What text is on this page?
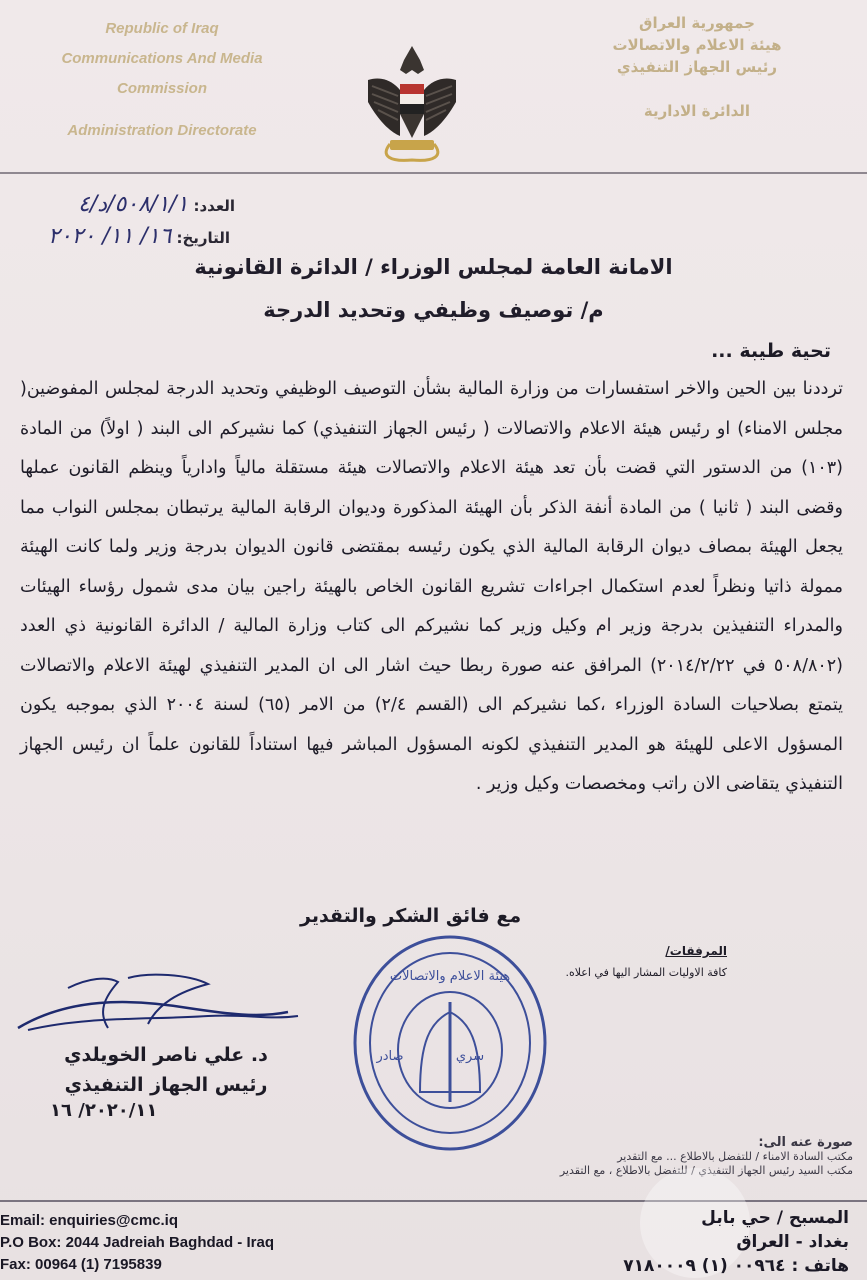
Republic of Iraq
Communications And Media
Commission
Administration Directorate
جمهورية العراق
هيئة الاعلام والاتصالات
رئيس الجهاز التنفيذي
الدائرة الادارية
العدد: ٥٠٨/١/١/د/٤
التاريخ: ١٦/ ١١/ ٢٠٢٠
الامانة العامة لمجلس الوزراء / الدائرة القانونية
م/ توصيف وظيفي وتحديد الدرجة
تحية طيبة ...

ترددنا بين الحين والاخر استفسارات من وزارة المالية بشأن التوصيف الوظيفي وتحديد الدرجة لمجلس المفوضين( مجلس الامناء) او رئيس هيئة الاعلام والاتصالات ( رئيس الجهاز التنفيذي) كما نشيركم الى البند ( اولاً) من المادة (١٠٣) من الدستور التي قضت بأن تعد هيئة الاعلام والاتصالات هيئة مستقلة مالياً وادارياً وينظم القانون عملها وقضى البند ( ثانيا ) من المادة أنفة الذكر بأن الهيئة المذكورة وديوان الرقابة المالية يرتبطان بمجلس النواب مما يجعل الهيئة بمصاف ديوان الرقابة المالية الذي يكون رئيسه بمقتضى قانون الديوان بدرجة وزير ولما كانت الهيئة ممولة ذاتيا ونظراً لعدم استكمال اجراءات تشريع القانون الخاص بالهيئة راجين بيان مدى شمول رؤساء الهيئات والمدراء التنفيذين بدرجة وزير ام وكيل وزير كما نشيركم الى كتاب وزارة المالية / الدائرة القانونية ذي العدد (٥٠٨/٨٠٢ في ٢٠١٤/٢/٢٢) المرافق عنه صورة ربطا حيث اشار الى ان المدير التنفيذي لهيئة الاعلام والاتصالات يتمتع بصلاحيات السادة الوزراء ،كما نشيركم الى (القسم ٢/٤) من الامر (٦٥) لسنة ٢٠٠٤ الذي بموجبه يكون المسؤول الاعلى للهيئة هو المدير التنفيذي لكونه المسؤول المباشر فيها استناداً للقانون علماً ان رئيس الجهاز التنفيذي يتقاضى الان راتب ومخصصات وكيل وزير .

مع فائق الشكر والتقدير
المرفقات/
كافة الاوليات المشار اليها في اعلاه.
هيئة الاعلام والاتصالات
صادر	سري
د. علي ناصر الخويلدي
رئيس الجهاز التنفيذي
٢٠٢٠/١١/ ١٦
صورة عنه الى:
مكتب السادة الامناء / للتفضل بالاطلاع ... مع التقدير
مكتب السيد رئيس الجهاز التنفيذي / للتفضل بالاطلاع ، مع التقدير
Email: enquiries@cmc.iq
P.O Box: 2044 Jadreiah Baghdad - Iraq
Fax: 00964 (1) 7195839
المسبح / حي بابل
بغداد - العراق
هاتف : ٠٠٩٦٤ (١) ٧١٨٠٠٠٩
